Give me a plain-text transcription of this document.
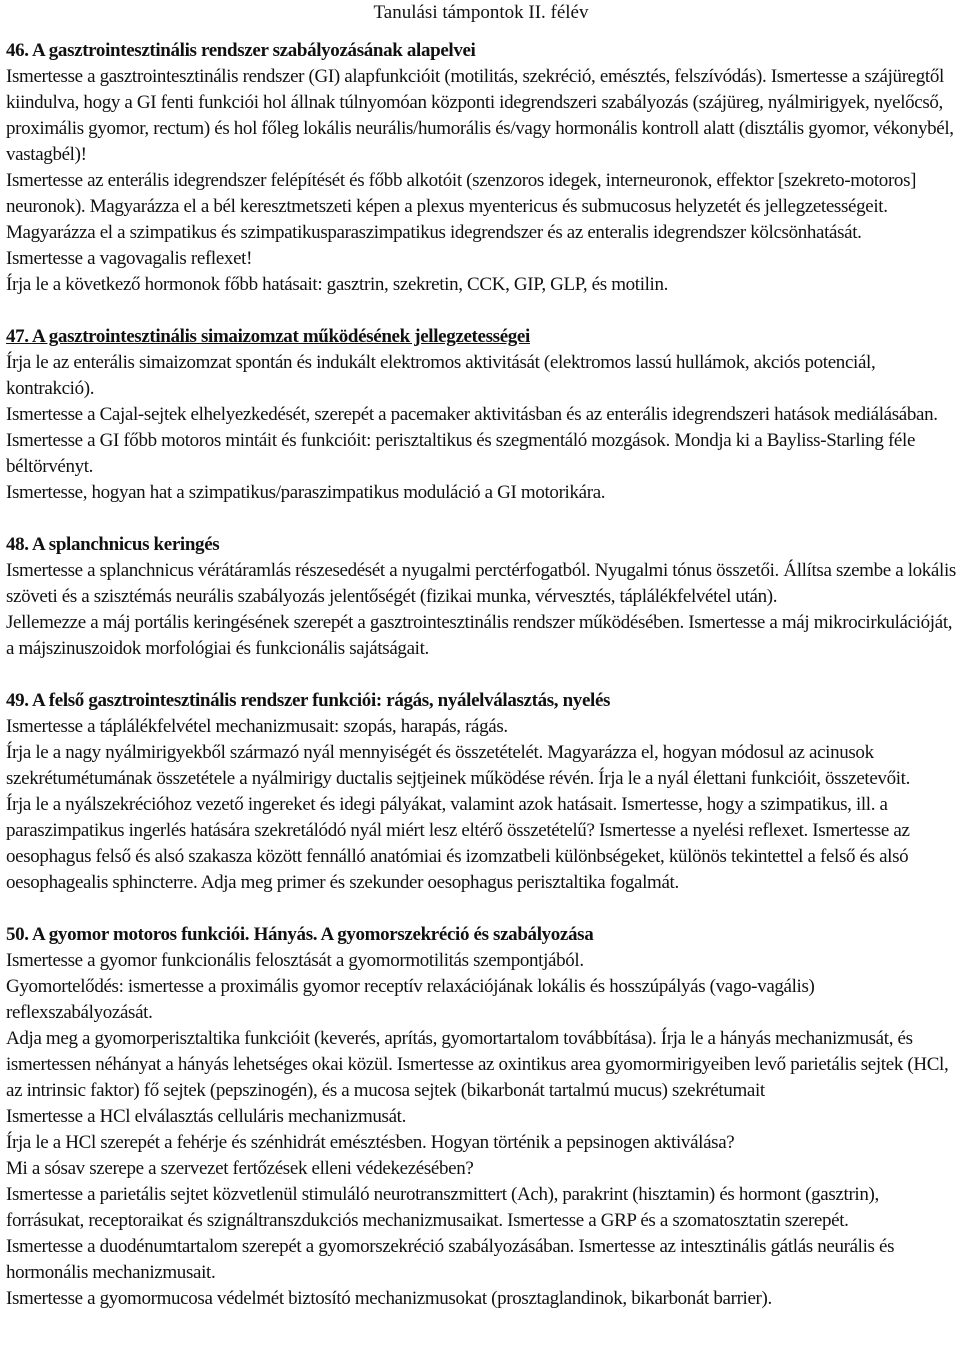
Tanulási támpontok II. félév
46. A gasztrointesztinális rendszer szabályozásának alapelvei

Ismertesse a gasztrointesztinális rendszer (GI) alapfunkcióit (motilitás, szekréció, emésztés, felszívódás). Ismertesse a szájüregtől kiindulva, hogy a GI fenti funkciói hol állnak túlnyomóan központi idegrendszeri szabályozás (szájüreg, nyálmirigyek, nyelőcső, proximális gyomor, rectum) és hol főleg lokális neurális/humorális és/vagy hormonális kontroll alatt (disztális gyomor, vékonybél, vastagbél)!

Ismertesse az enterális idegrendszer felépítését és főbb alkotóit (szenzoros idegek, interneuronok, effektor [szekreto-motoros] neuronok). Magyarázza el a bél keresztmetszeti képen a plexus myentericus és submucosus helyzetét és jellegzetességeit.

Magyarázza el a szimpatikus és szimpatikusparaszimpatikus idegrendszer és az enteralis idegrendszer kölcsönhatását.

Ismertesse a vagovagalis reflexet!

Írja le a következő hormonok főbb hatásait: gasztrin, szekretin, CCK, GIP, GLP, és motilin.

47. A gasztrointesztinális simaizomzat működésének jellegzetességei

Írja le az enterális simaizomzat spontán és indukált elektromos aktivitását (elektromos lassú hullámok, akciós potenciál, kontrakció).

Ismertesse a Cajal-sejtek elhelyezkedését, szerepét a pacemaker aktivitásban és az enterális idegrendszeri hatások mediálásában.

Ismertesse a GI főbb motoros mintáit és funkcióit: perisztaltikus és szegmentáló mozgások. Mondja ki a Bayliss-Starling féle béltörvényt.

Ismertesse, hogyan hat a szimpatikus/paraszimpatikus moduláció a GI motorikára.

48. A splanchnicus keringés

Ismertesse a splanchnicus vérátáramlás részesedését a nyugalmi perctérfogatból. Nyugalmi tónus összetői. Állítsa szembe a lokális szöveti és a szisztémás neurális szabályozás jelentőségét (fizikai munka, vérvesztés, táplálékfelvétel után).

Jellemezze a máj portális keringésének szerepét a gasztrointesztinális rendszer működésében. Ismertesse a máj mikrocirkulációját, a májszinuszoidok morfológiai és funkcionális sajátságait.

49. A felső gasztrointesztinális rendszer funkciói: rágás, nyálelválasztás, nyelés

Ismertesse a táplálékfelvétel mechanizmusait: szopás, harapás, rágás.

Írja le a nagy nyálmirigyekből származó nyál mennyiségét és összetételét. Magyarázza el, hogyan módosul az acinusok szekrétumétumának összetétele a nyálmirigy ductalis sejtjeinek működése révén. Írja le a nyál élettani funkcióit, összetevőit.

Írja le a nyálszekrécióhoz vezető ingereket és idegi pályákat, valamint azok hatásait. Ismertesse, hogy a szimpatikus, ill. a paraszimpatikus ingerlés hatására szekretálódó nyál miért lesz eltérő összetételű? Ismertesse a nyelési reflexet. Ismertesse az oesophagus felső és alsó szakasza között fennálló anatómiai és izomzatbeli különbségeket, különös tekintettel a felső és alsó oesophagealis sphincterre. Adja meg primer és szekunder oesophagus perisztaltika fogalmát.

50. A gyomor motoros funkciói. Hányás. A gyomorszekréció és szabályozása

Ismertesse a gyomor funkcionális felosztását a gyomormotilitás szempontjából.

Gyomortelődés: ismertesse a proximális gyomor receptív relaxációjának lokális és hosszúpályás (vago-vagális) reflexszabályozását.

Adja meg a gyomorperisztaltika funkcióit (keverés, aprítás, gyomortartalom továbbítása). Írja le a hányás mechanizmusát, és ismertessen néhányat a hányás lehetséges okai közül. Ismertesse az oxintikus area gyomormirigyeiben levő parietális sejtek (HCl, az intrinsic faktor) fő sejtek (pepszinogén), és a mucosa sejtek (bikarbonát tartalmú mucus) szekrétumait

Ismertesse a HCl elválasztás celluláris mechanizmusát.

Írja le a HCl szerepét a fehérje és szénhidrát emésztésben. Hogyan történik a pepsinogen aktiválása?

Mi a sósav szerepe a szervezet fertőzések elleni védekezésében?

Ismertesse a parietális sejtet közvetlenül stimuláló neurotranszmittert (Ach), parakrint (hisztamin) és hormont (gasztrin), forrásukat, receptoraikat és szignáltranszdukciós mechanizmusaikat. Ismertesse a GRP és a szomatosztatin szerepét.

Ismertesse a duodénumtartalom szerepét a gyomorszekréció szabályozásában. Ismertesse az intesztinális gátlás neurális és hormonális mechanizmusait.

Ismertesse a gyomormucosa védelmét biztosító mechanizmusokat (prosztaglandinok, bikarbonát barrier).
